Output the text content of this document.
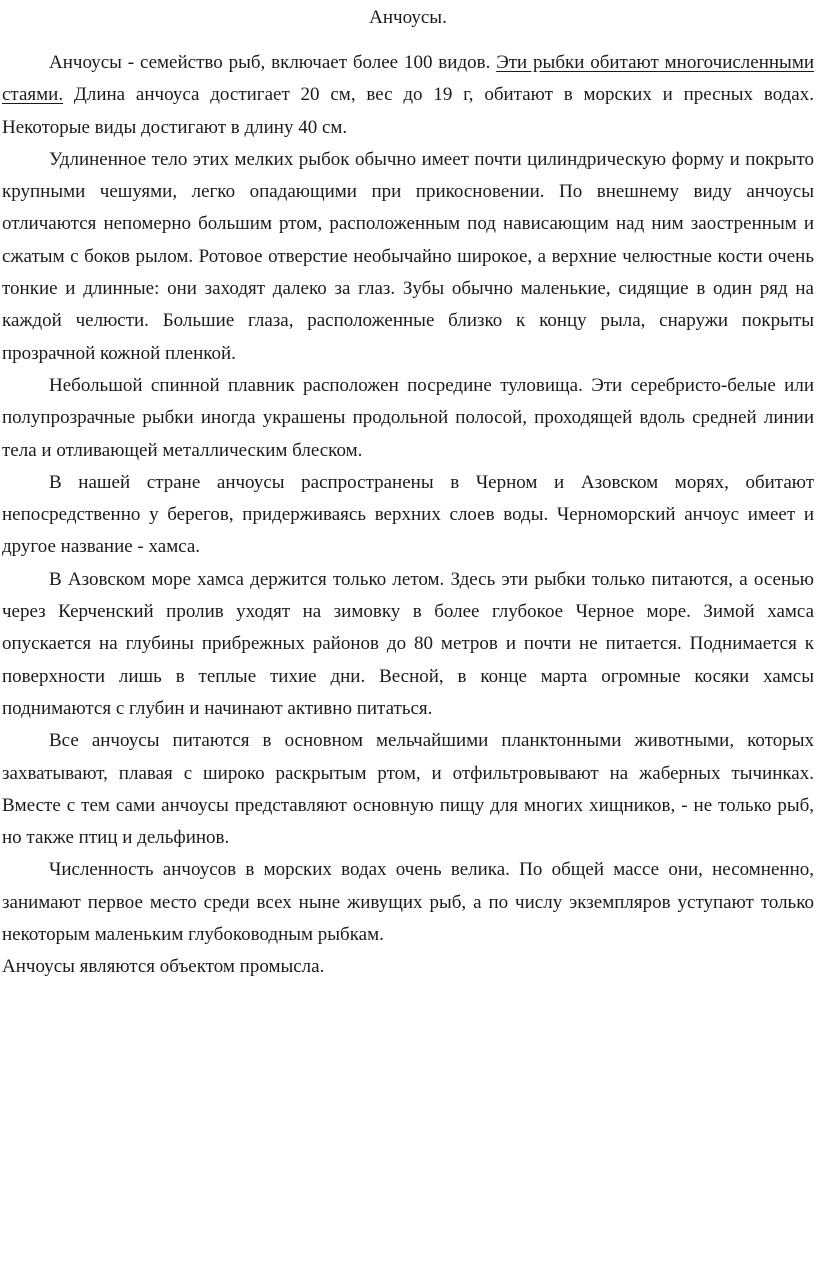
Анчоусы.

Анчоусы - семейство рыб, включает более 100 видов. Эти рыбки обитают многочисленными стаями. Длина анчоуса достигает 20 см, вес до 19 г, обитают в морских и пресных водах. Некоторые виды достигают в длину 40 см.

Удлиненное тело этих мелких рыбок обычно имеет почти цилиндрическую форму и покрыто крупными чешуями, легко опадающими при прикосновении. По внешнему виду анчоусы отличаются непомерно большим ртом, расположенным под нависающим над ним заостренным и сжатым с боков рылом. Ротовое отверстие необычайно широкое, а верхние челюстные кости очень тонкие и длинные: они заходят далеко за глаз. Зубы обычно маленькие, сидящие в один ряд на каждой челюсти. Большие глаза, расположенные близко к концу рыла, снаружи покрыты прозрачной кожной пленкой.

Небольшой спинной плавник расположен посредине туловища. Эти серебристо-белые или полупрозрачные рыбки иногда украшены продольной полосой, проходящей вдоль средней линии тела и отливающей металлическим блеском.

В нашей стране анчоусы распространены в Черном и Азовском морях, обитают непосредственно у берегов, придерживаясь верхних слоев воды. Черноморский анчоус имеет и другое название - хамса.

В Азовском море хамса держится только летом. Здесь эти рыбки только питаются, а осенью через Керченский пролив уходят на зимовку в более глубокое Черное море. Зимой хамса опускается на глубины прибрежных районов до 80 метров и почти не питается. Поднимается к поверхности лишь в теплые тихие дни. Весной, в конце марта огромные косяки хамсы поднимаются с глубин и начинают активно питаться.

Все анчоусы питаются в основном мельчайшими планктонными животными, которых захватывают, плавая с широко раскрытым ртом, и отфильтровывают на жаберных тычинках. Вместе с тем сами анчоусы представляют основную пищу для многих хищников, - не только рыб, но также птиц и дельфинов.

Численность анчоусов в морских водах очень велика. По общей массе они, несомненно, занимают первое место среди всех ныне живущих рыб, а по числу экземпляров уступают только некоторым маленьким глубоководным рыбкам.

Анчоусы являются объектом промысла.
